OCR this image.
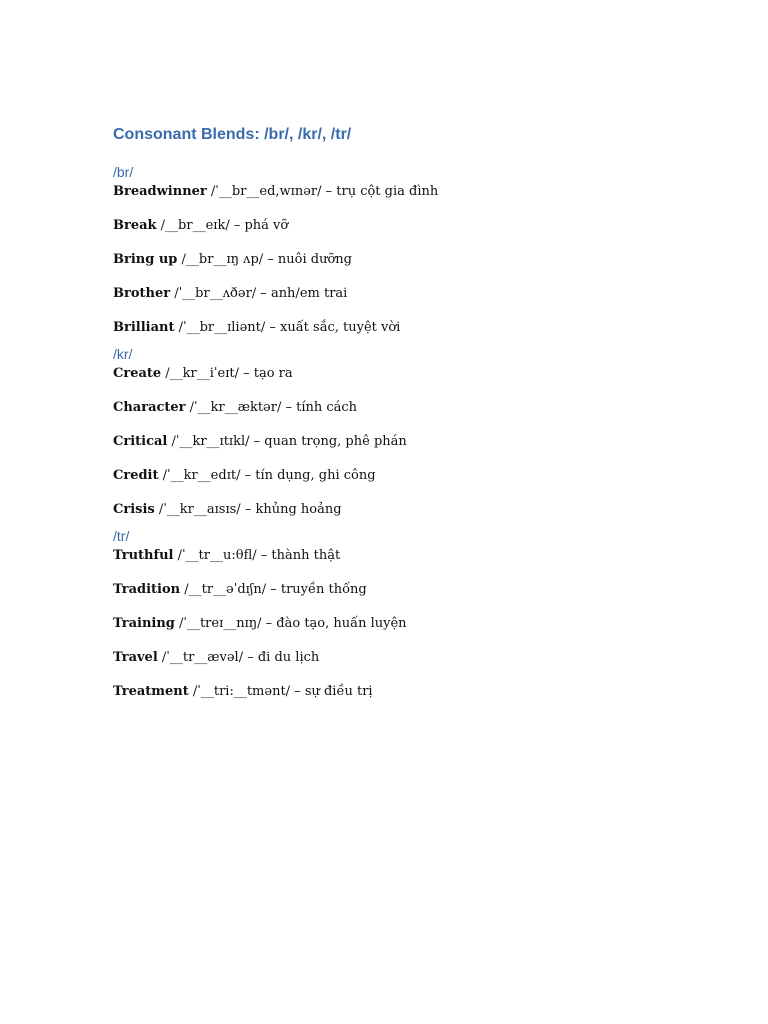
Consonant Blends: /br/, /kr/, /tr/
/br/
Breadwinner /ˈ__br__ed,wɪnər/ – trụ cột gia đình
Break /__br__eɪk/ – phá vỡ
Bring up /__br__ɪŋ ʌp/ – nuôi dưỡng
Brother /ˈ__br__ʌðər/ – anh/em trai
Brilliant /ˈ__br__ɪliənt/ – xuất sắc, tuyệt vời
/kr/
Create /__kr__iˈeɪt/ – tạo ra
Character /ˈ__kr__æktər/ – tính cách
Critical /ˈ__kr__ɪtɪkl/ – quan trọng, phê phán
Credit /ˈ__kr__edɪt/ – tín dụng, ghi công
Crisis /ˈ__kr__aɪsɪs/ – khủng hoảng
/tr/
Truthful /ˈ__tr__u:θfl/ – thành thật
Tradition /__tr__əˈdɪʃn/ – truyền thống
Training /ˈ__treɪ__nɪŋ/ – đào tạo, huấn luyện
Travel /ˈ__tr__ævəl/ – đi du lịch
Treatment /ˈ__tri:__tmənt/ – sự điều trị
